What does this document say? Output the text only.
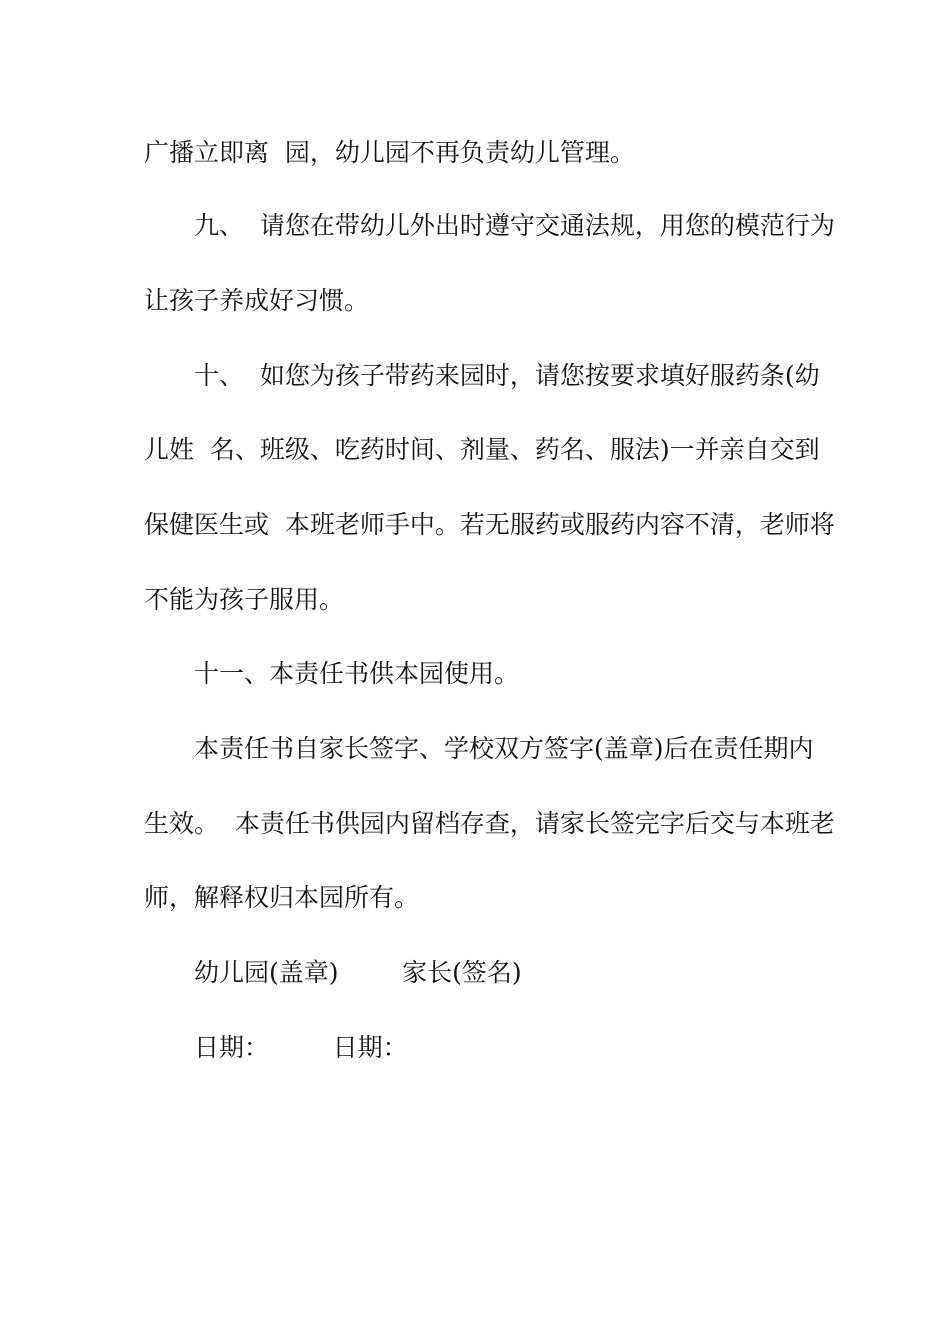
广播立即离  园，幼儿园不再负责幼儿管理。
九、  请您在带幼儿外出时遵守交通法规，用您的模范行为
让孩子养成好习惯。
十、  如您为孩子带药来园时，请您按要求填好服药条(幼
儿姓  名、班级、吃药时间、剂量、药名、服法)一并亲自交到
保健医生或  本班老师手中。若无服药或服药内容不清，老师将
不能为孩子服用。
十一、本责任书供本园使用。
本责任书自家长签字、学校双方签字(盖章)后在责任期内
生效。  本责任书供园内留档存查，请家长签完字后交与本班老
师，解释权归本园所有。
幼儿园(盖章)        家长(签名)
日期：        日期：
